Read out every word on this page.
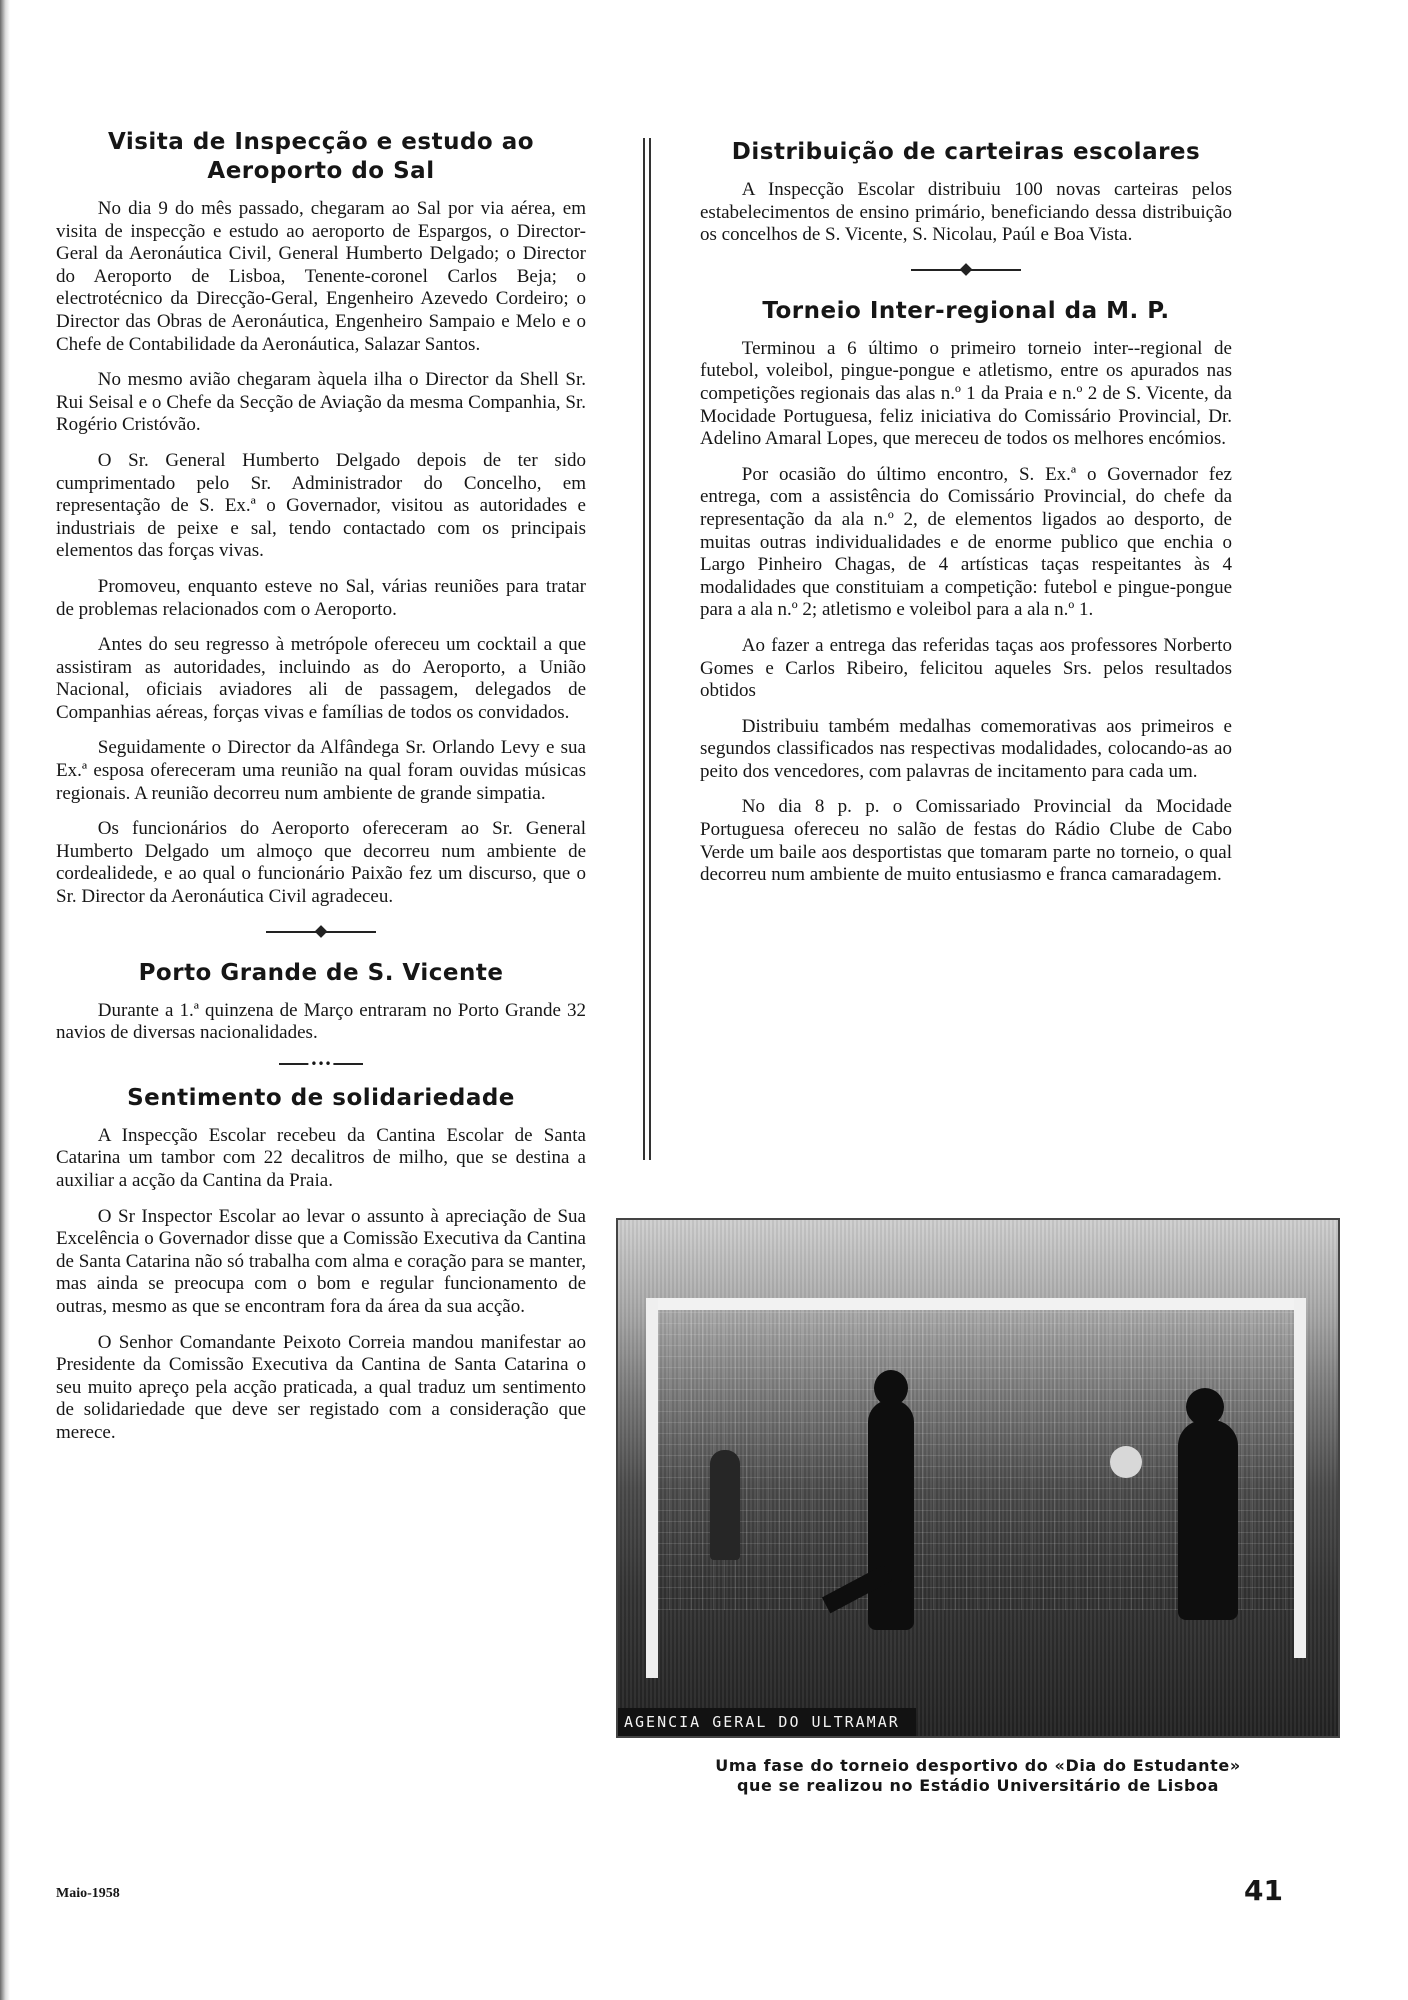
Visita de Inspecção e estudo ao Aeroporto do Sal

No dia 9 do mês passado, chegaram ao Sal por via aérea, em visita de inspecção e estudo ao aeroporto de Espargos, o Director-Geral da Aeronáutica Civil, General Humberto Delgado; o Director do Aeroporto de Lisboa, Tenente-coronel Carlos Beja; o electrotécnico da Direcção-Geral, Engenheiro Azevedo Cordeiro; o Director das Obras de Aeronáutica, Engenheiro Sampaio e Melo e o Chefe de Contabilidade da Aeronáutica, Salazar Santos.

No mesmo avião chegaram àquela ilha o Director da Shell Sr. Rui Seisal e o Chefe da Secção de Aviação da mesma Companhia, Sr. Rogério Cristóvão.

O Sr. General Humberto Delgado depois de ter sido cumprimentado pelo Sr. Administrador do Concelho, em representação de S. Ex.ª o Governador, visitou as autoridades e industriais de peixe e sal, tendo contactado com os principais elementos das forças vivas.

Promoveu, enquanto esteve no Sal, várias reuniões para tratar de problemas relacionados com o Aeroporto.

Antes do seu regresso à metrópole ofereceu um cocktail a que assistiram as autoridades, incluindo as do Aeroporto, a União Nacional, oficiais aviadores ali de passagem, delegados de Companhias aéreas, forças vivas e famílias de todos os convidados.

Seguidamente o Director da Alfândega Sr. Orlando Levy e sua Ex.ª esposa ofereceram uma reunião na qual foram ouvidas músicas regionais. A reunião decorreu num ambiente de grande simpatia.

Os funcionários do Aeroporto ofereceram ao Sr. General Humberto Delgado um almoço que decorreu num ambiente de cordealidede, e ao qual o funcionário Paixão fez um discurso, que o Sr. Director da Aeronáutica Civil agradeceu.

Porto Grande de S. Vicente

Durante a 1.ª quinzena de Março entraram no Porto Grande 32 navios de diversas nacionalidades.

•••
Sentimento de solidariedade

A Inspecção Escolar recebeu da Cantina Escolar de Santa Catarina um tambor com 22 decalitros de milho, que se destina a auxiliar a acção da Cantina da Praia.

O Sr Inspector Escolar ao levar o assunto à apreciação de Sua Excelência o Governador disse que a Comissão Executiva da Cantina de Santa Catarina não só trabalha com alma e coração para se manter, mas ainda se preocupa com o bom e regular funcionamento de outras, mesmo as que se encontram fora da área da sua acção.

O Senhor Comandante Peixoto Correia mandou manifestar ao Presidente da Comissão Executiva da Cantina de Santa Catarina o seu muito apreço pela acção praticada, a qual traduz um sentimento de solidariedade que deve ser registado com a consideração que merece.

Distribuição de carteiras escolares

A Inspecção Escolar distribuiu 100 novas carteiras pelos estabelecimentos de ensino primário, beneficiando dessa distribuição os concelhos de S. Vicente, S. Nicolau, Paúl e Boa Vista.

Torneio Inter-regional da M. P.

Terminou a 6 último o primeiro torneio inter--regional de futebol, voleibol, pingue-pongue e atletismo, entre os apurados nas competições regionais das alas n.º 1 da Praia e n.º 2 de S. Vicente, da Mocidade Portuguesa, feliz iniciativa do Comissário Provincial, Dr. Adelino Amaral Lopes, que mereceu de todos os melhores encómios.

Por ocasião do último encontro, S. Ex.ª o Governador fez entrega, com a assistência do Comissário Provincial, do chefe da representação da ala n.º 2, de elementos ligados ao desporto, de muitas outras individualidades e de enorme publico que enchia o Largo Pinheiro Chagas, de 4 artísticas taças respeitantes às 4 modalidades que constituiam a competição: futebol e pingue-pongue para a ala n.º 2; atletismo e voleibol para a ala n.º 1.

Ao fazer a entrega das referidas taças aos professores Norberto Gomes e Carlos Ribeiro, felicitou aqueles Srs. pelos resultados obtidos

Distribuiu também medalhas comemorativas aos primeiros e segundos classificados nas respectivas modalidades, colocando-as ao peito dos vencedores, com palavras de incitamento para cada um.

No dia 8 p. p. o Comissariado Provincial da Mocidade Portuguesa ofereceu no salão de festas do Rádio Clube de Cabo Verde um baile aos desportistas que tomaram parte no torneio, o qual decorreu num ambiente de muito entusiasmo e franca camaradagem.

AGENCIA GERAL DO ULTRAMAR
Uma fase do torneio desportivo do «Dia do Estudante»
que se realizou no Estádio Universitário de Lisboa
Maio-1958	41
